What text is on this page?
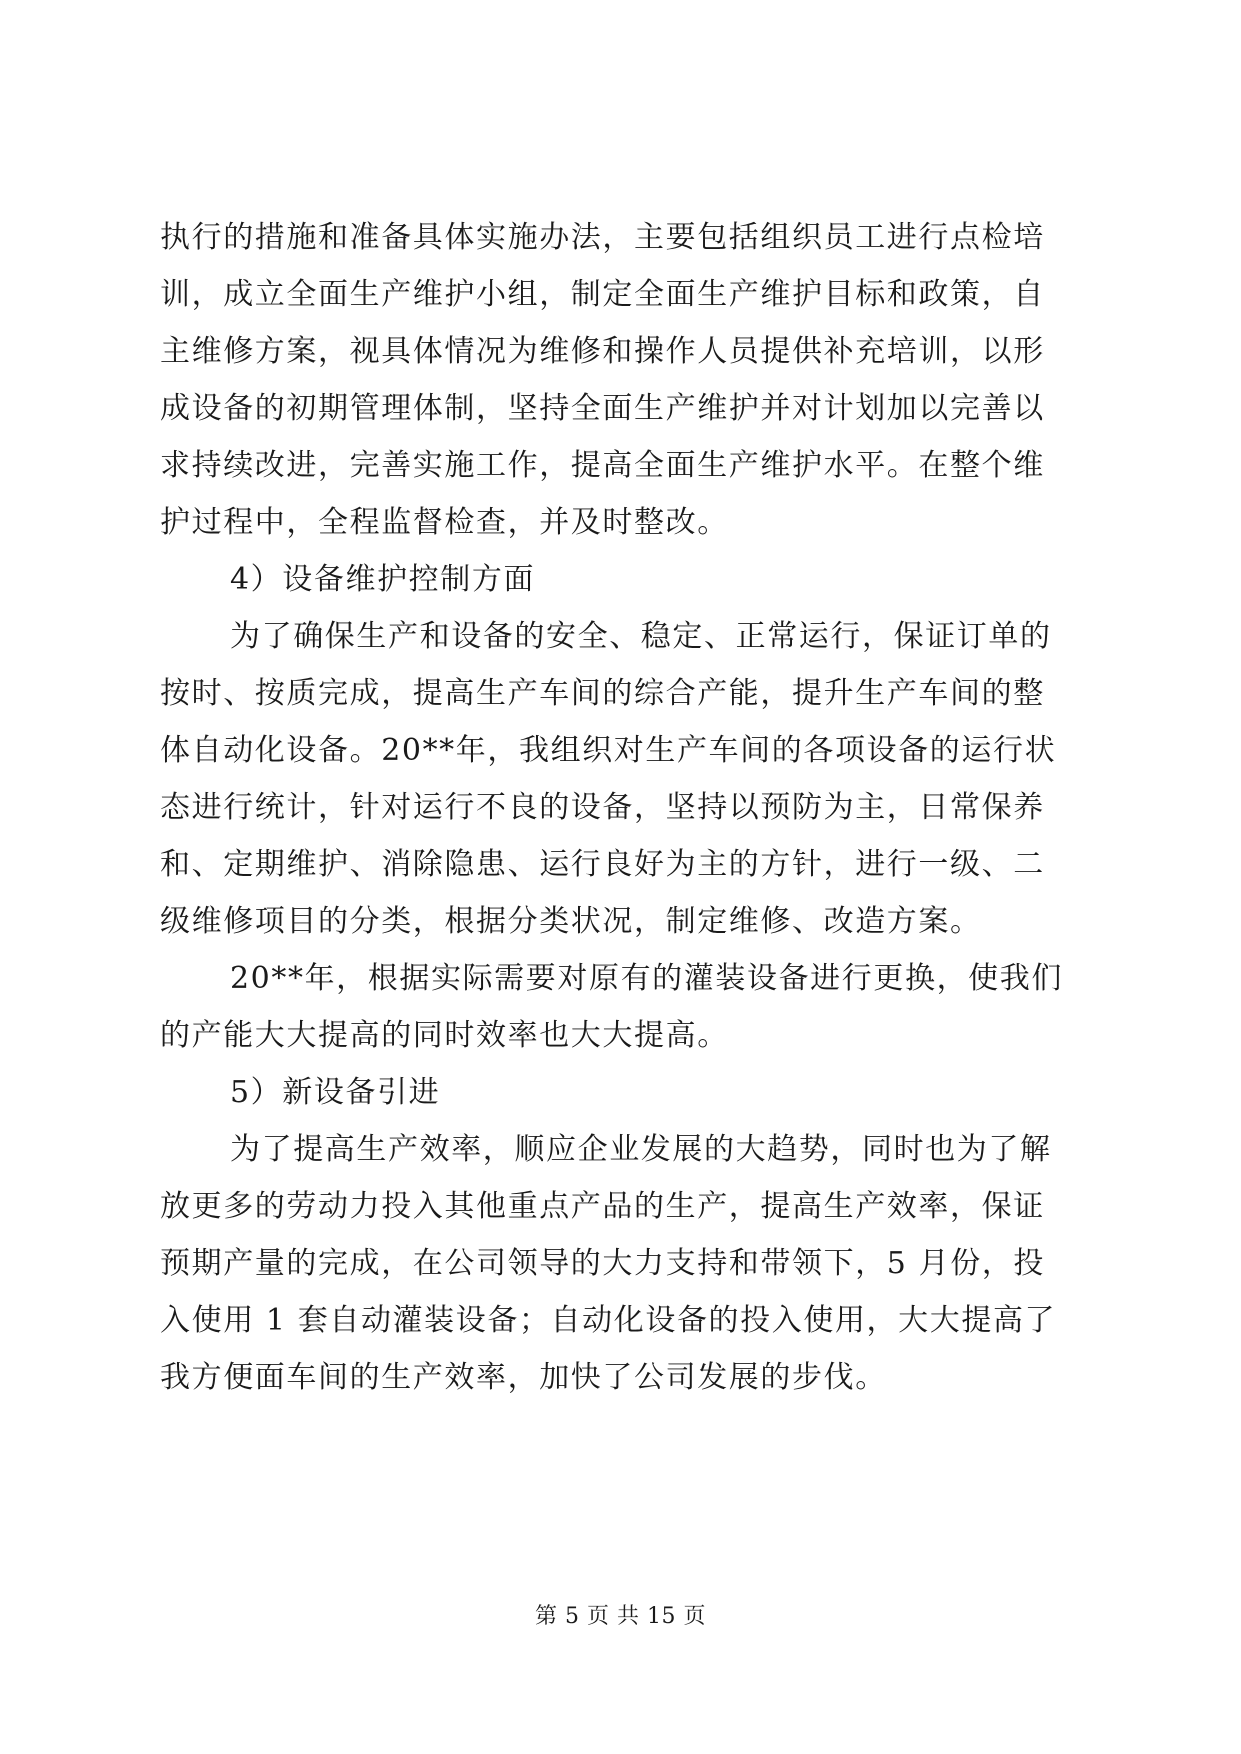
执行的措施和准备具体实施办法，主要包括组织员工进行点检培
训，成立全面生产维护小组，制定全面生产维护目标和政策，自
主维修方案，视具体情况为维修和操作人员提供补充培训，以形
成设备的初期管理体制，坚持全面生产维护并对计划加以完善以
求持续改进，完善实施工作，提高全面生产维护水平。在整个维
护过程中，全程监督检查，并及时整改。
4）设备维护控制方面
为了确保生产和设备的安全、稳定、正常运行，保证订单的
按时、按质完成，提高生产车间的综合产能，提升生产车间的整
体自动化设备。20**年，我组织对生产车间的各项设备的运行状
态进行统计，针对运行不良的设备，坚持以预防为主，日常保养
和、定期维护、消除隐患、运行良好为主的方针，进行一级、二
级维修项目的分类，根据分类状况，制定维修、改造方案。
20**年，根据实际需要对原有的灌装设备进行更换，使我们
的产能大大提高的同时效率也大大提高。
5）新设备引进
为了提高生产效率，顺应企业发展的大趋势，同时也为了解
放更多的劳动力投入其他重点产品的生产，提高生产效率，保证
预期产量的完成，在公司领导的大力支持和带领下，5 月份，投
入使用 1 套自动灌装设备；自动化设备的投入使用，大大提高了
我方便面车间的生产效率，加快了公司发展的步伐。
第 5 页 共 15 页
